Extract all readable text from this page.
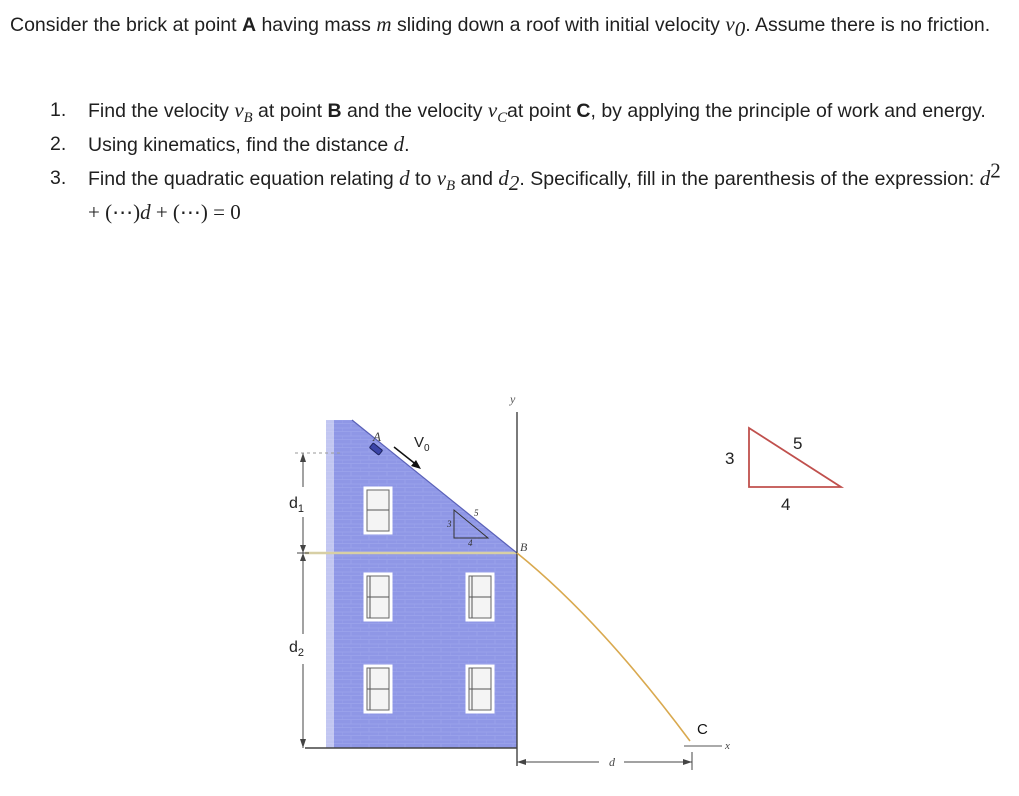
Consider the brick at point A having mass m sliding down a roof with initial velocity $v_0$. Assume there is no friction.
1. Find the velocity $v_B$ at point B and the velocity $v_Cat$ point C, by applying the principle of work and energy.
2. Using kinematics, find the distance d.
3. Find the quadratic equation relating d to $v_B$ and $d_2$. Specifically, fill in the parenthesis of the expression: $d^2$ + (⋯)d + (⋯) = 0
3
4
5
A $V_0$
y
B
x
C
d
$d_1$
$d_2$
3
4
5
